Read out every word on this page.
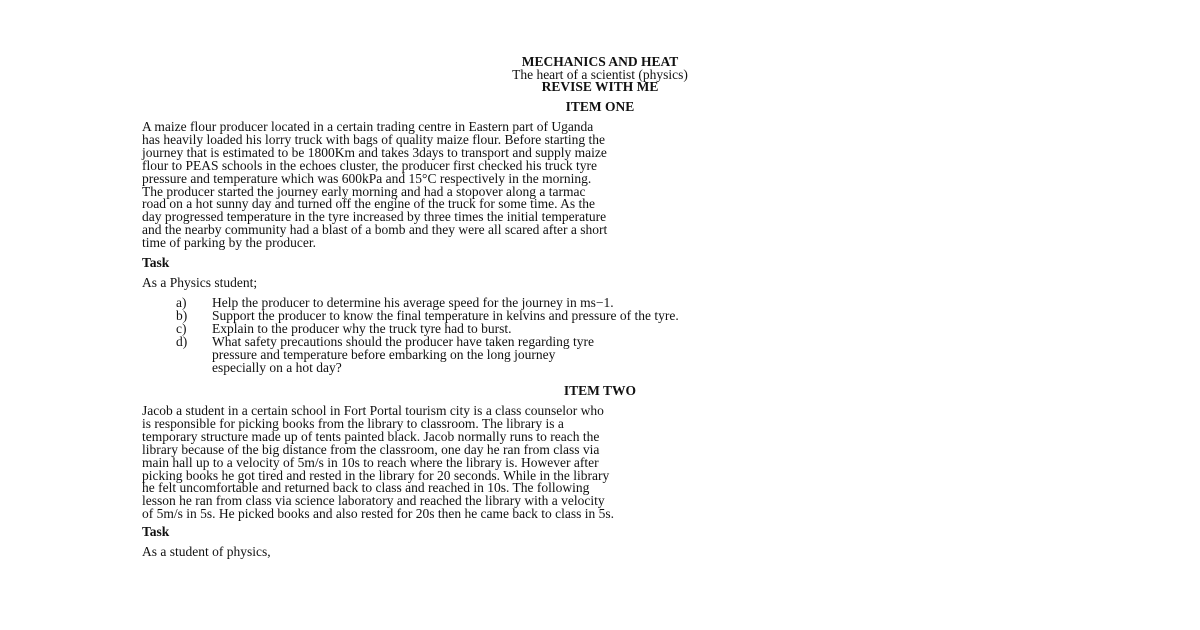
MECHANICS AND HEAT
The heart of a scientist (physics)
REVISE WITH ME
ITEM ONE
A maize flour producer located in a certain trading centre in Eastern part of Uganda
has heavily loaded his lorry truck with bags of quality maize flour. Before starting the
journey that is estimated to be 1800Km and takes 3days to transport and supply maize
flour to PEAS schools in the echoes cluster, the producer first checked his truck tyre
pressure and temperature which was 600kPa and 15°C respectively in the morning.
The producer started the journey early morning and had a stopover along a tarmac
road on a hot sunny day and turned off the engine of the truck for some time. As the
day progressed temperature in the tyre increased by three times the initial temperature
and the nearby community had a blast of a bomb and they were all scared after a short
time of parking by the producer.
Task
As a Physics student;
a) Help the producer to determine his average speed for the journey in ms−1.
b) Support the producer to know the final temperature in kelvins and pressure of the tyre.
c) Explain to the producer why the truck tyre had to burst.
d) What safety precautions should the producer have taken regarding tyre
pressure and temperature before embarking on the long journey
especially on a hot day?
ITEM TWO
Jacob a student in a certain school in Fort Portal tourism city is a class counselor who
is responsible for picking books from the library to classroom. The library is a
temporary structure made up of tents painted black. Jacob normally runs to reach the
library because of the big distance from the classroom, one day he ran from class via
main hall up to a velocity of 5m/s in 10s to reach where the library is. However after
picking books he got tired and rested in the library for 20 seconds. While in the library
he felt uncomfortable and returned back to class and reached in 10s. The following
lesson he ran from class via science laboratory and reached the library with a velocity
of 5m/s in 5s. He picked books and also rested for 20s then he came back to class in 5s.
Task
As a student of physics,
